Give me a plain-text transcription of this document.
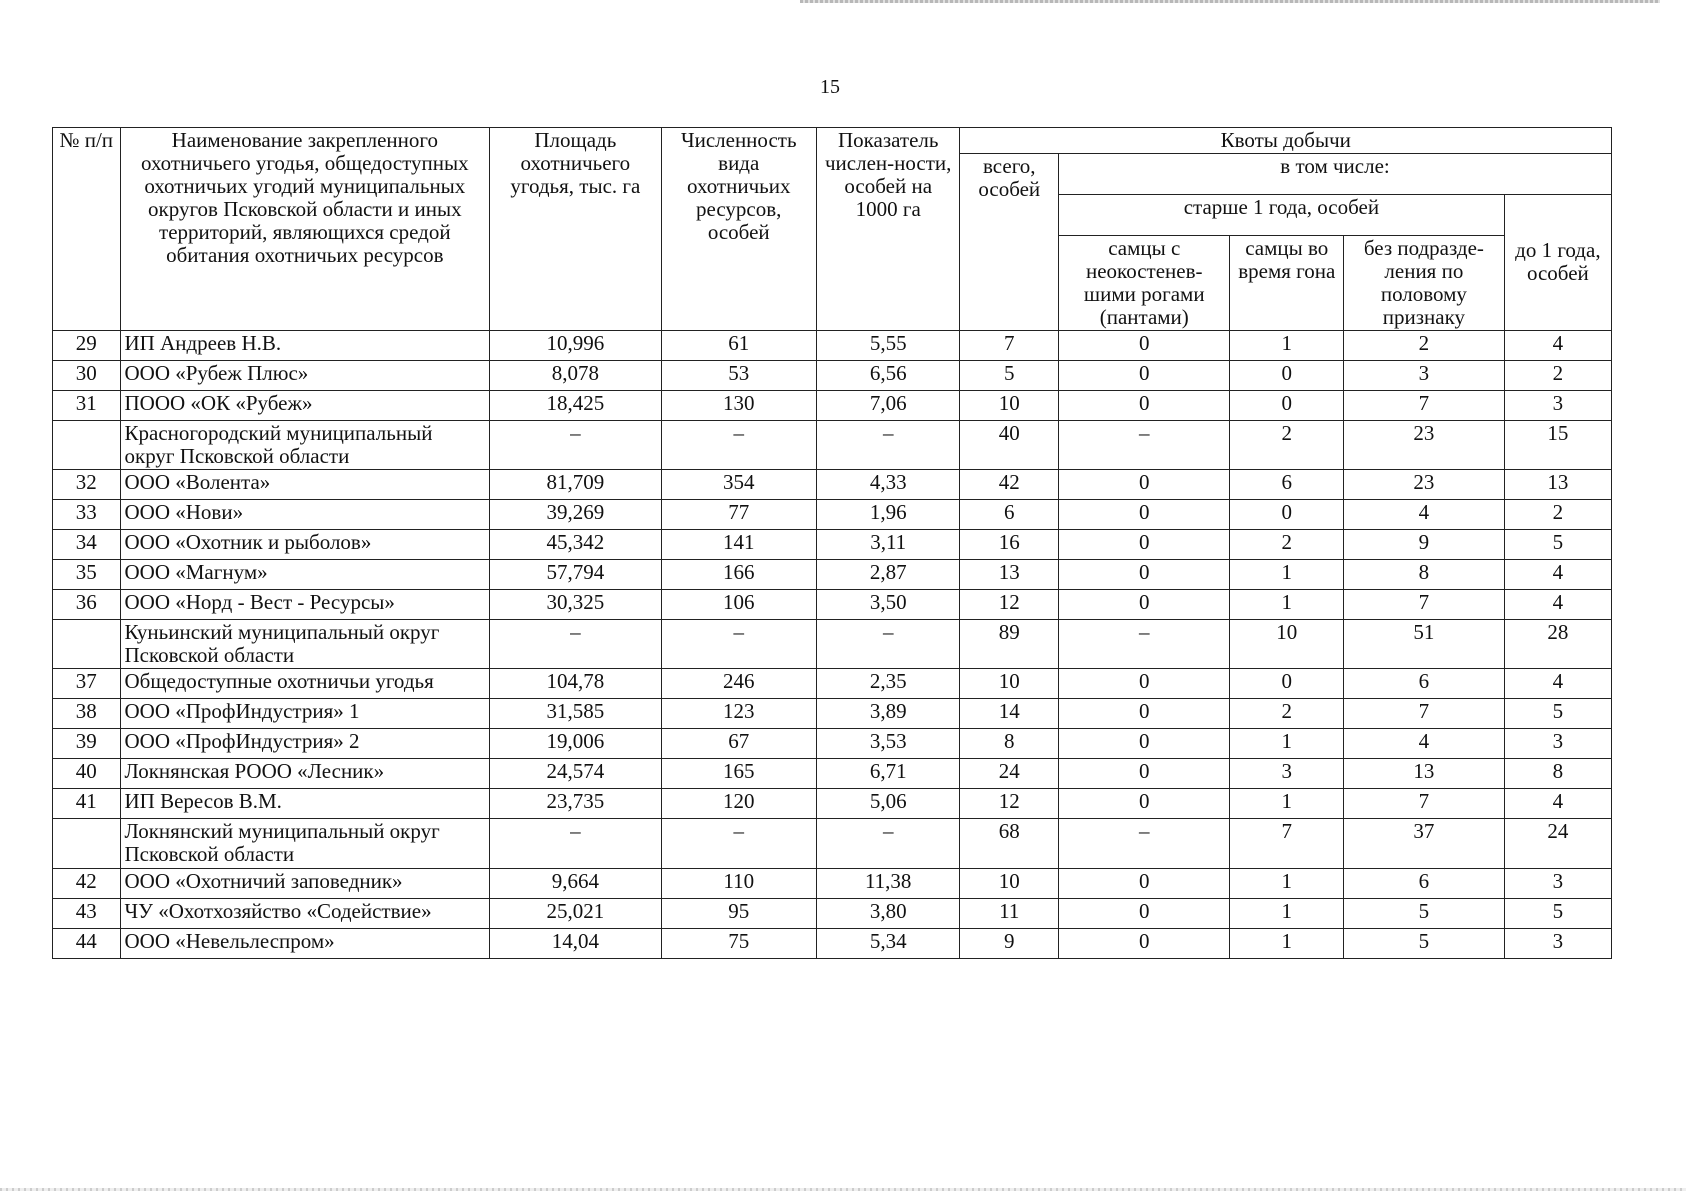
15
№ п/п	Наименование закрепленного охотничьего угодья, общедоступных охотничьих угодий муниципальных округов Псковской области и иных территорий, являющихся средой обитания охотничьих ресурсов	Площадь охотничьего угодья, тыс. га	Численность вида охотничьих ресурсов, особей	Показатель числен-ности, особей на 1000 га	Квоты добычи				
					всего, особей	в том числе:			
						старше 1 года, особей			до 1 года, особей
						самцы с неокостенев-шими рогами (пантами)	самцы во время гона	без подразде-ления по половому признаку	
29	ИП Андреев Н.В.	10,996	61	5,55	7	0	1	2	4
30	ООО «Рубеж Плюс»	8,078	53	6,56	5	0	0	3	2
31	ПООО «ОК «Рубеж»	18,425	130	7,06	10	0	0	7	3
	Красногородский муниципальный округ Псковской области	–	–	–	40	–	2	23	15
32	ООО «Волента»	81,709	354	4,33	42	0	6	23	13
33	ООО «Нови»	39,269	77	1,96	6	0	0	4	2
34	ООО «Охотник и рыболов»	45,342	141	3,11	16	0	2	9	5
35	ООО «Магнум»	57,794	166	2,87	13	0	1	8	4
36	ООО «Норд - Вест - Ресурсы»	30,325	106	3,50	12	0	1	7	4
	Куньинский муниципальный округ Псковской области	–	–	–	89	–	10	51	28
37	Общедоступные охотничьи угодья	104,78	246	2,35	10	0	0	6	4
38	ООО «ПрофИндустрия» 1	31,585	123	3,89	14	0	2	7	5
39	ООО «ПрофИндустрия» 2	19,006	67	3,53	8	0	1	4	3
40	Локнянская РООО «Лесник»	24,574	165	6,71	24	0	3	13	8
41	ИП Вересов В.М.	23,735	120	5,06	12	0	1	7	4
	Локнянский муниципальный округ Псковской области	–	–	–	68	–	7	37	24
42	ООО «Охотничий заповедник»	9,664	110	11,38	10	0	1	6	3
43	ЧУ «Охотхозяйство «Содействие»	25,021	95	3,80	11	0	1	5	5
44	ООО «Невельлеспром»	14,04	75	5,34	9	0	1	5	3
